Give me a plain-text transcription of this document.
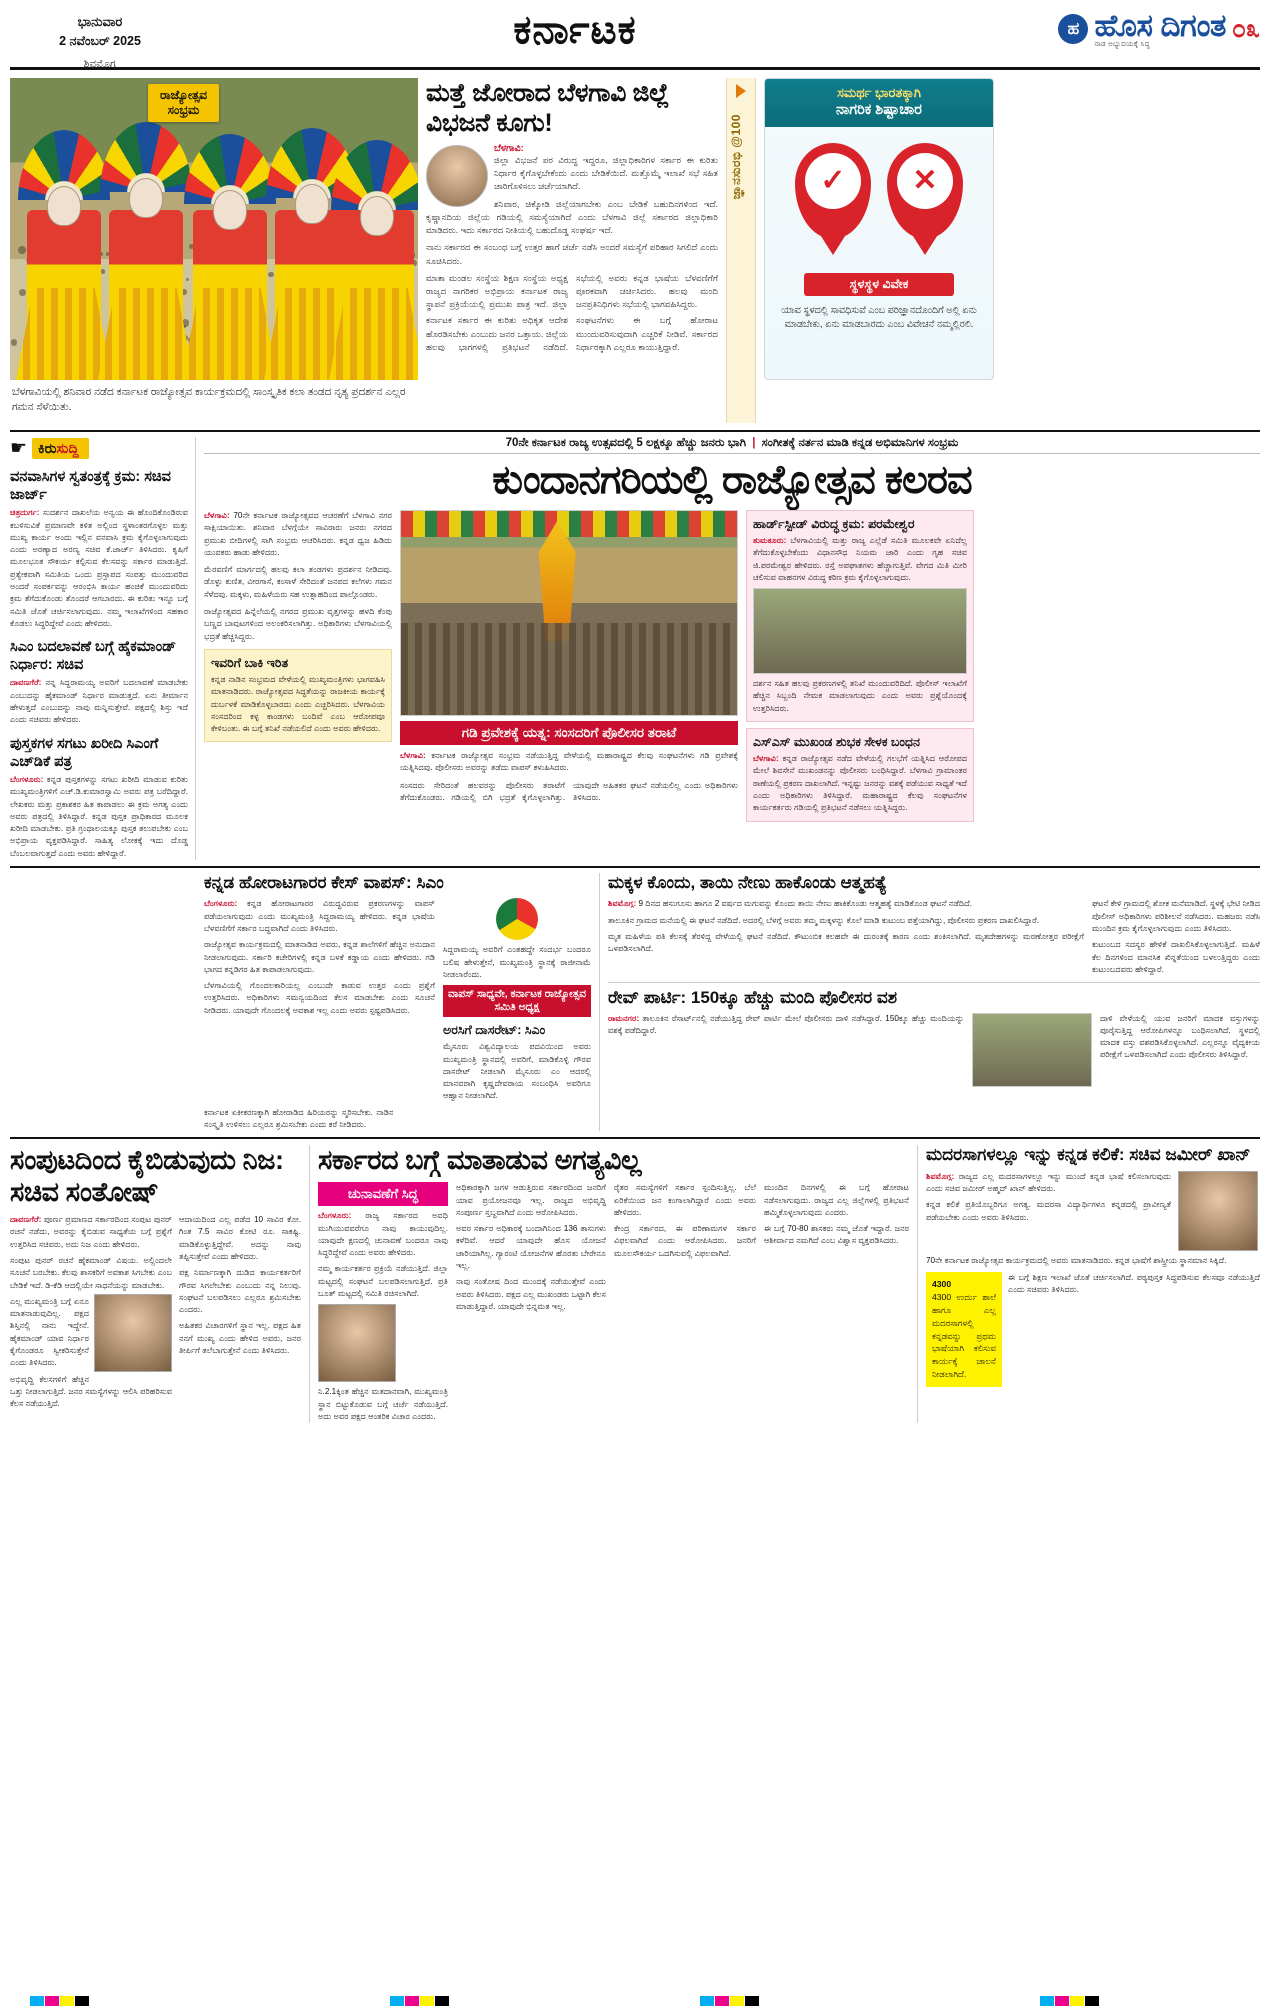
ಭಾನುವಾರ
2 ನವೆಂಬರ್ 2025
ಶಿವಮೊಗ್ಗ
ಕರ್ನಾಟಕ	ಹ ಹೊಸ ದಿಗಂತ
ನಾಡ ಅಭ್ಯುದಯಕ್ಕೆ ಸಿದ್ಧ
೦೩
ರಾಜ್ಯೋತ್ಸವ
ಸಂಭ್ರಮ
ಬೆಳಗಾವಿಯಲ್ಲಿ ಶನಿವಾರ ನಡೆದ ಕರ್ನಾಟಕ ರಾಜ್ಯೋತ್ಸವ ಕಾರ್ಯಕ್ರಮದಲ್ಲಿ ಸಾಂಸ್ಕೃತಿಕ ಕಲಾ ತಂಡದ ನೃತ್ಯ ಪ್ರದರ್ಶನ ಎಲ್ಲರ ಗಮನ ಸೆಳೆಯಿತು.
ಮತ್ತೆ ಜೋರಾದ ಬೆಳಗಾವಿ ಜಿಲ್ಲೆ ವಿಭಜನೆ ಕೂಗು!
ಬೆಳಗಾವಿ:
ಜಿಲ್ಲಾ ವಿಭಜನೆ ಪರ ವಿರುದ್ಧ ಇದ್ದರೂ, ಜಿಲ್ಲಾಧಿಕಾರಿಗಳ ಸರ್ಕಾರ ಈ ಕುರಿತು ನಿರ್ಧಾರ ಕೈಗೊಳ್ಳಬೇಕೆಂದು ಎಂದು ಬೇಡಿಕೆಯಿದೆ. ಮತ್ತೊಮ್ಮೆ ಇಲಾಖೆ ಸಭೆ ಸಹಿತ ಜಾರಿಗೊಳಿಸಲು ಚರ್ಚೆಯಾಗಿದೆ.
ಶನಿವಾರ, ಚಿಕ್ಕೋಡಿ ಜಿಲ್ಲೆಯಾಗಬೇಕು ಎಂಬ ಬೇಡಿಕೆ ಬಹುದಿನಗಳಿಂದ ಇದೆ. ಕೃಷ್ಣಾನದಿಯ ಜಿಲ್ಲೆಯ ಗಡಿಯಲ್ಲಿ ಸಮಸ್ಯೆಯಾಗಿದೆ ಎಂದು ಬೆಳಗಾವಿ ಜಿಲ್ಲೆ ಸರ್ಕಾರದ ಜಿಲ್ಲಾಧಿಕಾರಿ ಮಾಡಿದರು. ಇದು ಸರ್ಕಾರದ ನೀತಿಯಲ್ಲಿ ಬಹುದೊಡ್ಡ ಸಂಘರ್ಷ ಇದೆ.
ನಾನು ಸರ್ಕಾರದ ಈ ಸಂಬಂಧ ಬಗ್ಗೆ ಉತ್ತರ ಹಾಗೆ ಚರ್ಚೆ ನಡೆಸಿ ಅಂದರೆ ಸಮಸ್ಯೆಗೆ ಪರಿಹಾರ ಸಿಗಲಿದೆ ಎಂದು ಸೂಚಿಸಿದರು.
ಮಾತಾ ಮಂಡಲ ಸಂಸ್ಥೆಯ ಶಿಕ್ಷಣ ಸಂಸ್ಥೆಯ ಅಧ್ಯಕ್ಷ ರಾಜ್ಯದ ನಾಗರಿಕರ ಅಭಿಪ್ರಾಯ ಕರ್ನಾಟಕ ರಾಜ್ಯ ಸ್ಥಾಪನೆ ಪ್ರಕ್ರಿಯೆಯಲ್ಲಿ ಪ್ರಮುಖ ಪಾತ್ರ ಇದೆ. ಜಿಲ್ಲಾ ಸಭೆಯಲ್ಲಿ ಅವರು ಕನ್ನಡ ಭಾಷೆಯ ಬೆಳವಣಿಗೆಗೆ ಪೂರಕವಾಗಿ ಚರ್ಚಿಸಿದರು. ಹಲವು ಮಂದಿ ಜನಪ್ರತಿನಿಧಿಗಳು ಸಭೆಯಲ್ಲಿ ಭಾಗವಹಿಸಿದ್ದರು.
ಕರ್ನಾಟಕ ಸರ್ಕಾರ ಈ ಕುರಿತು ಅಧಿಕೃತ ಆದೇಶ ಹೊರಡಿಸಬೇಕು ಎಂಬುದು ಜನರ ಒತ್ತಾಯ. ಜಿಲ್ಲೆಯ ಹಲವು ಭಾಗಗಳಲ್ಲಿ ಪ್ರತಿಭಟನೆ ನಡೆದಿದೆ. ಸಂಘಟನೆಗಳು ಈ ಬಗ್ಗೆ ಹೋರಾಟ ಮುಂದುವರಿಸುವುದಾಗಿ ಎಚ್ಚರಿಕೆ ನೀಡಿವೆ. ಸರ್ಕಾರದ ನಿರ್ಧಾರಕ್ಕಾಗಿ ಎಲ್ಲರೂ ಕಾಯುತ್ತಿದ್ದಾರೆ.
ಜ್ಞಾನಸುರಭಿ @100
ಸಮರ್ಥ ಭಾರತಕ್ಕಾಗಿ
ನಾಗರಿಕ ಶಿಷ್ಟಾಚಾರ
✓	✕
ಸ್ಥಳಸ್ಥಳ ವಿವೇಕ
ಯಾವ ಸ್ಥಳದಲ್ಲಿ ಸಾವಧಿಸುವೆ ಎಂಬ ಪರಿಜ್ಞಾನದೊಂದಿಗೆ ಅಲ್ಲಿ ಏನು ಮಾಡಬೇಕು, ಏನು ಮಾಡಬಾರದು ಎಂಬ ವಿವೇಚನೆ ನಮ್ಮಲ್ಲಿರಲಿ.
☛ ಕಿರುಸುದ್ದಿ
ವನವಾಸಿಗಳ ಸ್ವತಂತ್ರಕ್ಕೆ ಕ್ರಮ: ಸಚಿವ ಜಾರ್ಜ್
ಚಿತ್ರದುರ್ಗ: ಸುದರ್ಶನ ದಾಖಲೆಯ ಅನ್ವಯ ಈ ಹೊಂದಿಕೊಂಡಿರುವ ಕಬಳಿಸುವಿಕೆ ಪ್ರಮಾಣವೇ ಕಳಿತ ಅಲ್ಲಿಂದ ಸ್ಥಳಾಂತರಗೊಳ್ಳಲ ಮತ್ತು ಮುಖ್ಯ ಕಾರ್ಯ ಅಂದು ಇಲ್ಲಿನ ವನವಾಸಿ ಕ್ರಮ ಕೈಗೊಳ್ಳಲಾಗುವುದು ಎಂದು ಅರಣ್ಯಾದ ಅರಣ್ಯ ಸಚಿವ ಕೆ.ಜಾರ್ಜ್ ತಿಳಿಸಿದರು. ಕೃಷಿಗೆ ಮೂಲಭೂತ ಸೌಕರ್ಯ ಕಲ್ಪಿಸುವ ಕೆಲಸವನ್ನು ಸರ್ಕಾರ ಮಾಡುತ್ತಿದೆ. ಪ್ರತ್ಯೇಕವಾಗಿ ಸಮಿತಿಯ ಒಂದು ಪ್ರಸ್ತಾಪದ ಸಂಪತ್ತು ಮುಂದುವರಿದ ಅಂದರೆ ಸಂಪರ್ಕವನ್ನು ಆರಂಭಿಸಿ ಕಾರ್ಯ ಹಂಚಿಕೆ ಮುಂದುವರಿದು ಕ್ರಮ ತೆಗೆದುಕೊಂಡು ತೊಂದರೆ ಆಗಬಾರದು. ಈ ಕುರಿತು ಇನ್ನೂ ಬಗ್ಗೆ ಸಮಿತಿ ಜೊತೆ ಚರ್ಚಿಸಲಾಗುವುದು. ನಮ್ಮ ಇಲಾಖೆಗಳಿಂದ ಸಹಕಾರ ಕೊಡಲು ಸಿದ್ಧರಿದ್ದೇವೆ ಎಂದು ಹೇಳಿದರು.
ಸಿಎಂ ಬದಲಾವಣೆ ಬಗ್ಗೆ ಹೈಕಮಾಂಡ್ ನಿರ್ಧಾರ: ಸಚಿವ
ದಾವಣಗೆರೆ: ನನ್ನ ಸಿದ್ದರಾಮಯ್ಯ ಅವರಿಗೆ ಬದಲಾವಣೆ ಮಾಡಬೇಕು ಎಂಬುದನ್ನು ಹೈಕಮಾಂಡ್ ನಿರ್ಧಾರ ಮಾಡುತ್ತದೆ. ಏನು ತೀರ್ಮಾನ ಹೇಳುತ್ತದೆ ಎಂಬುದನ್ನು ನಾವು ಮನ್ನಿಸುತ್ತೇವೆ. ಪಕ್ಷದಲ್ಲಿ ಶಿಸ್ತು ಇದೆ ಎಂದು ಸಚಿವರು ಹೇಳಿದರು.
ಪುಸ್ತಕಗಳ ಸಗಟು ಖರೀದಿ ಸಿಎಂಗೆ ಎಚ್‌ಡಿಕೆ ಪತ್ರ
ಬೆಂಗಳೂರು: ಕನ್ನಡ ಪುಸ್ತಕಗಳನ್ನು ಸಗಟು ಖರೀದಿ ಮಾಡುವ ಕುರಿತು ಮುಖ್ಯಮಂತ್ರಿಗಳಿಗೆ ಎಚ್.ಡಿ.ಕುಮಾರಸ್ವಾಮಿ ಅವರು ಪತ್ರ ಬರೆದಿದ್ದಾರೆ. ಲೇಖಕರು ಮತ್ತು ಪ್ರಕಾಶಕರ ಹಿತ ಕಾಪಾಡಲು ಈ ಕ್ರಮ ಅಗತ್ಯ ಎಂದು ಅವರು ಪತ್ರದಲ್ಲಿ ತಿಳಿಸಿದ್ದಾರೆ. ಕನ್ನಡ ಪುಸ್ತಕ ಪ್ರಾಧಿಕಾರದ ಮೂಲಕ ಖರೀದಿ ಮಾಡಬೇಕು. ಪ್ರತಿ ಗ್ರಂಥಾಲಯಕ್ಕೂ ಪುಸ್ತಕ ತಲುಪಬೇಕು ಎಂಬ ಅಭಿಪ್ರಾಯ ವ್ಯಕ್ತಪಡಿಸಿದ್ದಾರೆ. ಸಾಹಿತ್ಯ ಲೋಕಕ್ಕೆ ಇದು ದೊಡ್ಡ ಬೆಂಬಲವಾಗುತ್ತದೆ ಎಂದು ಅವರು ಹೇಳಿದ್ದಾರೆ.
70ನೇ ಕರ್ನಾಟಕ ರಾಜ್ಯ ಉತ್ಸವದಲ್ಲಿ 5 ಲಕ್ಷಕ್ಕೂ ಹೆಚ್ಚು ಜನರು ಭಾಗಿ | ಸಂಗೀತಕ್ಕೆ ನರ್ತನ ಮಾಡಿ ಕನ್ನಡ ಅಭಿಮಾನಿಗಳ ಸಂಭ್ರಮ
ಕುಂದಾನಗರಿಯಲ್ಲಿ ರಾಜ್ಯೋತ್ಸವ ಕಲರವ
ಬೆಳಗಾವಿ: 70ನೇ ಕರ್ನಾಟಕ ರಾಜ್ಯೋತ್ಸವದ ಆಚರಣೆಗೆ ಬೆಳಗಾವಿ ನಗರ ಸಾಕ್ಷಿಯಾಯಿತು. ಶನಿವಾರ ಬೆಳಗ್ಗೆಯೇ ಸಾವಿರಾರು ಜನರು ನಗರದ ಪ್ರಮುಖ ಬೀದಿಗಳಲ್ಲಿ ಸಾಗಿ ಸಂಭ್ರಮ ಆಚರಿಸಿದರು. ಕನ್ನಡ ಧ್ವಜ ಹಿಡಿದು ಯುವಕರು ಹಾಡು ಹೇಳಿದರು.
ಮೆರವಣಿಗೆ ಮಾರ್ಗದಲ್ಲಿ ಹಲವು ಕಲಾ ತಂಡಗಳು ಪ್ರದರ್ಶನ ನೀಡಿದವು. ಡೊಳ್ಳು ಕುಣಿತ, ವೀರಗಾಸೆ, ಕಂಸಾಳೆ ಸೇರಿದಂತೆ ಜನಪದ ಕಲೆಗಳು ಗಮನ ಸೆಳೆದವು. ಮಕ್ಕಳು, ಮಹಿಳೆಯರು ಸಹ ಉತ್ಸಾಹದಿಂದ ಪಾಲ್ಗೊಂಡರು.
ರಾಜ್ಯೋತ್ಸವದ ಹಿನ್ನೆಲೆಯಲ್ಲಿ ನಗರದ ಪ್ರಮುಖ ವೃತ್ತಗಳನ್ನು ಹಳದಿ ಕೆಂಪು ಬಣ್ಣದ ಬಾವುಟಗಳಿಂದ ಅಲಂಕರಿಸಲಾಗಿತ್ತು. ಅಧಿಕಾರಿಗಳು ಬೆಳಗಾವಿಯಲ್ಲಿ ಭದ್ರತೆ ಹೆಚ್ಚಿಸಿದ್ದರು.
ಇವರಿಗೆ ಬಾಕಿ ಇರಿತ
ಕನ್ನಡ ನಾಡಿನ ಸಂಭ್ರಮದ ವೇಳೆಯಲ್ಲಿ ಮುಖ್ಯಮಂತ್ರಿಗಳು ಭಾಗವಹಿಸಿ ಮಾತನಾಡಿದರು. ರಾಜ್ಯೋತ್ಸವದ ಸಿದ್ಧತೆಯನ್ನು ರಾಜಕೀಯ ಕಾರ್ಯಕ್ಕೆ ದುರ್ಬಳಕೆ ಮಾಡಿಕೊಳ್ಳಬಾರದು ಎಂದು ಎಚ್ಚರಿಸಿದರು. ಬೆಳಗಾವಿಯ ಸಂಸದರಿಂದ ಕಳ್ಳ ಕಾಂಡಗಳು ಬಂದಿವೆ ಎಂಬ ಆರೋಪವೂ ಕೇಳಿಬಂತು. ಈ ಬಗ್ಗೆ ತನಿಖೆ ನಡೆಯಲಿದೆ ಎಂದು ಅವರು ಹೇಳಿದರು.	ಗಡಿ ಪ್ರವೇಶಕ್ಕೆ ಯತ್ನ: ಸಂಸದರಿಗೆ ಪೊಲೀಸರ ತರಾಟೆ
ಬೆಳಗಾವಿ: ಕರ್ನಾಟಕ ರಾಜ್ಯೋತ್ಸವ ಸಂಭ್ರಮ ನಡೆಯುತ್ತಿದ್ದ ವೇಳೆಯಲ್ಲಿ ಮಹಾರಾಷ್ಟ್ರದ ಕೆಲವು ಸಂಘಟನೆಗಳು ಗಡಿ ಪ್ರವೇಶಕ್ಕೆ ಯತ್ನಿಸಿದವು. ಪೊಲೀಸರು ಅವರನ್ನು ತಡೆದು ವಾಪಸ್ ಕಳುಹಿಸಿದರು.
ಸಂಸದರು ಸೇರಿದಂತೆ ಹಲವರನ್ನು ಪೊಲೀಸರು ತರಾಟೆಗೆ ತೆಗೆದುಕೊಂಡರು. ಗಡಿಯಲ್ಲಿ ಬಿಗಿ ಭದ್ರತೆ ಕೈಗೊಳ್ಳಲಾಗಿತ್ತು. ಯಾವುದೇ ಅಹಿತಕರ ಘಟನೆ ನಡೆಯಲಿಲ್ಲ ಎಂದು ಅಧಿಕಾರಿಗಳು ತಿಳಿಸಿದರು.
ಹಾರ್ಡ್‌ಸ್ಪೀಡ್ ವಿರುದ್ಧ ಕ್ರಮ: ಪರಮೇಶ್ವರ
ತುಮಕೂರು: ಬೆಳಗಾವಿಯಲ್ಲಿ ಮತ್ತು ರಾಜ್ಯ ಎಲ್ಲೆಡೆ ಸಮಿತಿ ಮೂಲಕವೇ ಏನಿದೆಲ್ಲ ತೆಗೆದುಕೊಳ್ಳಬೇಕೆಂದು ವಿಧಾನಸೌಧ ನಿಯಮ ಜಾರಿ ಎಂದು ಗೃಹ ಸಚಿವ ಜಿ.ಪರಮೇಶ್ವರ ಹೇಳಿದರು. ರಸ್ತೆ ಅಪಘಾತಗಳು ಹೆಚ್ಚಾಗುತ್ತಿವೆ. ವೇಗದ ಮಿತಿ ಮೀರಿ ಚಲಿಸುವ ವಾಹನಗಳ ವಿರುದ್ಧ ಕಠಿಣ ಕ್ರಮ ಕೈಗೊಳ್ಳಲಾಗುವುದು.
ದರ್ಶನ ಸಹಿತ ಹಲವು ಪ್ರಕರಣಗಳಲ್ಲಿ ತನಿಖೆ ಮುಂದುವರಿದಿದೆ. ಪೊಲೀಸ್ ಇಲಾಖೆಗೆ ಹೆಚ್ಚಿನ ಸಿಬ್ಬಂದಿ ನೇಮಕ ಮಾಡಲಾಗುವುದು ಎಂದು ಅವರು ಪ್ರಶ್ನೆಯೊಂದಕ್ಕೆ ಉತ್ತರಿಸಿದರು.
ಎಸ್‌ಎಸ್ ಮುಖಂಡ ಶುಭಕ ಸೇಳಕ ಬಂಧನ
ಬೆಳಗಾವಿ: ಕನ್ನಡ ರಾಜ್ಯೋತ್ಸವ ನಡೆದ ವೇಳೆಯಲ್ಲಿ ಗಲಭೆಗೆ ಯತ್ನಿಸಿದ ಆರೋಪದ ಮೇಲೆ ಶಿವಸೇನೆ ಮುಖಂಡನನ್ನು ಪೊಲೀಸರು ಬಂಧಿಸಿದ್ದಾರೆ. ಬೆಳಗಾವಿ ಗ್ರಾಮಾಂತರ ಠಾಣೆಯಲ್ಲಿ ಪ್ರಕರಣ ದಾಖಲಾಗಿದೆ. ಇನ್ನಷ್ಟು ಜನರನ್ನು ವಶಕ್ಕೆ ಪಡೆಯುವ ಸಾಧ್ಯತೆ ಇದೆ ಎಂದು ಅಧಿಕಾರಿಗಳು ತಿಳಿಸಿದ್ದಾರೆ. ಮಹಾರಾಷ್ಟ್ರದ ಕೆಲವು ಸಂಘಟನೆಗಳ ಕಾರ್ಯಕರ್ತರು ಗಡಿಯಲ್ಲಿ ಪ್ರತಿಭಟನೆ ನಡೆಸಲು ಯತ್ನಿಸಿದ್ದರು.
ಕನ್ನಡ ಹೋರಾಟಗಾರರ ಕೇಸ್ ವಾಪಸ್: ಸಿಎಂ
ಬೆಂಗಳೂರು: ಕನ್ನಡ ಹೋರಾಟಗಾರರ ವಿರುದ್ಧವಿರುವ ಪ್ರಕರಣಗಳನ್ನು ವಾಪಸ್ ಪಡೆಯಲಾಗುವುದು ಎಂದು ಮುಖ್ಯಮಂತ್ರಿ ಸಿದ್ದರಾಮಯ್ಯ ಹೇಳಿದರು. ಕನ್ನಡ ಭಾಷೆಯ ಬೆಳವಣಿಗೆಗೆ ಸರ್ಕಾರ ಬದ್ಧವಾಗಿದೆ ಎಂದು ತಿಳಿಸಿದರು.
ರಾಜ್ಯೋತ್ಸವ ಕಾರ್ಯಕ್ರಮದಲ್ಲಿ ಮಾತನಾಡಿದ ಅವರು, ಕನ್ನಡ ಶಾಲೆಗಳಿಗೆ ಹೆಚ್ಚಿನ ಅನುದಾನ ನೀಡಲಾಗುವುದು. ಸರ್ಕಾರಿ ಕಚೇರಿಗಳಲ್ಲಿ ಕನ್ನಡ ಬಳಕೆ ಕಡ್ಡಾಯ ಎಂದು ಹೇಳಿದರು. ಗಡಿ ಭಾಗದ ಕನ್ನಡಿಗರ ಹಿತ ಕಾಪಾಡಲಾಗುವುದು.
ಬೆಳಗಾವಿಯಲ್ಲಿ ಗೊಂದಲಕಾರಿಯಲ್ಲ ಎಂಬುದೇ ಕಾಡುವ ಉತ್ತರ ಎಂದು ಪ್ರಶ್ನೆಗೆ ಉತ್ತರಿಸಿದರು. ಅಧಿಕಾರಿಗಳು ಸಮನ್ವಯದಿಂದ ಕೆಲಸ ಮಾಡಬೇಕು ಎಂದು ಸೂಚನೆ ನೀಡಿದರು. ಯಾವುದೇ ಗೊಂದಲಕ್ಕೆ ಅವಕಾಶ ಇಲ್ಲ ಎಂದು ಅವರು ಸ್ಪಷ್ಟಪಡಿಸಿದರು.
ಸಿದ್ದರಾಮಯ್ಯ ಅವರಿಗೆ ಎಂತಹದ್ದೇ ಸಂದರ್ಭ ಬಂದರೂ ಬಲಿಷ ಹೇಳುತ್ತೇನೆ, ಮುಖ್ಯಮಂತ್ರಿ ಸ್ಥಾನಕ್ಕೆ ರಾಜೀನಾಮೆ ನೀಡಲಾರೆಂದು.
ವಾಪಸ್ ಸಾಧ್ಯವೇ, ಕರ್ನಾಟಕ ರಾಜ್ಯೋತ್ಸವ ಸಮಿತಿ ಅಧ್ಯಕ್ಷ
ಅರಸಿಗೆ ದಾಸರೇಟ್: ಸಿಎಂ
ಮೈಸೂರು ವಿಶ್ವವಿದ್ಯಾಲಯ ಪದವಿಯಿಂದ ಅವರು ಮುಖ್ಯಮಂತ್ರಿ ಸ್ಥಾನದಲ್ಲಿ ಅವರಿಗೆ, ಮಾಡಿಕೊಳ್ಳಿ ಗೌರವ ದಾಸರೇಟ್ ನೀಡಲಾಗಿ ಮೈಸೂರು ಎಂ ಆದರಲ್ಲಿ ಮಾನವರಾಗಿ ಕೃಷ್ಣದೇವರಾಯ ಸಂಬಂಧಿಸಿ ಅವರಿಗೂ ಆಹ್ವಾನ ನೀಡಲಾಗಿದೆ.
ಕರ್ನಾಟಕ ಏಕೀಕರಣಕ್ಕಾಗಿ ಹೋರಾಡಿದ ಹಿರಿಯರನ್ನು ಸ್ಮರಿಸಬೇಕು. ನಾಡಿನ ಸಂಸ್ಕೃತಿ ಉಳಿಸಲು ಎಲ್ಲರೂ ಶ್ರಮಿಸಬೇಕು ಎಂದು ಕರೆ ನೀಡಿದರು.
ಮಕ್ಕಳ ಕೊಂದು, ತಾಯಿ ನೇಣು ಹಾಕೊಂಡು ಆತ್ಮಹತ್ಯೆ
ಶಿವಮೊಗ್ಗ: 9 ದಿನದ ಹಸುಗೂಸು ಹಾಗೂ 2 ವರ್ಷದ ಮಗುವನ್ನು ಕೊಂದು ತಾಯಿ ನೇಣು ಹಾಕಿಕೊಂಡು ಆತ್ಮಹತ್ಯೆ ಮಾಡಿಕೊಂಡ ಘಟನೆ ನಡೆದಿದೆ.
ತಾಲೂಕಿನ ಗ್ರಾಮದ ಮನೆಯಲ್ಲಿ ಈ ಘಟನೆ ನಡೆದಿದೆ. ಅದರಲ್ಲಿ ಬೆಳಗ್ಗೆ ಅವರು ತಮ್ಮ ಮಕ್ಕಳನ್ನು ಕೊಲೆ ಮಾಡಿ ಕುಟುಂಬ ಪತ್ತೆಯಾಗಿದ್ದು, ಪೊಲೀಸರು ಪ್ರಕರಣ ದಾಖಲಿಸಿದ್ದಾರೆ.
ಮೃತ ಮಹಿಳೆಯ ಪತಿ ಕೆಲಸಕ್ಕೆ ತೆರಳಿದ್ದ ವೇಳೆಯಲ್ಲಿ ಘಟನೆ ನಡೆದಿದೆ. ಕೌಟುಂಬಿಕ ಕಲಹವೇ ಈ ದುರಂತಕ್ಕೆ ಕಾರಣ ಎಂದು ಶಂಕಿಸಲಾಗಿದೆ. ಮೃತದೇಹಗಳನ್ನು ಮರಣೋತ್ತರ ಪರೀಕ್ಷೆಗೆ ಒಳಪಡಿಸಲಾಗಿದೆ.
ಘಟನೆ ಕೇಳಿ ಗ್ರಾಮದಲ್ಲಿ ಶೋಕ ಮನೆಮಾಡಿದೆ. ಸ್ಥಳಕ್ಕೆ ಭೇಟಿ ನೀಡಿದ ಪೊಲೀಸ್ ಅಧಿಕಾರಿಗಳು ಪರಿಶೀಲನೆ ನಡೆಸಿದರು. ಮಹಜರು ನಡೆಸಿ ಮುಂದಿನ ಕ್ರಮ ಕೈಗೊಳ್ಳಲಾಗುವುದು ಎಂದು ತಿಳಿಸಿದರು.
ಕುಟುಂಬದ ಸದಸ್ಯರ ಹೇಳಿಕೆ ದಾಖಲಿಸಿಕೊಳ್ಳಲಾಗುತ್ತಿದೆ. ಮಹಿಳೆ ಕೆಲ ದಿನಗಳಿಂದ ಮಾನಸಿಕ ಖಿನ್ನತೆಯಿಂದ ಬಳಲುತ್ತಿದ್ದರು ಎಂದು ಕುಟುಂಬದವರು ಹೇಳಿದ್ದಾರೆ.
ರೇವ್ ಪಾರ್ಟಿ: 150ಕ್ಕೂ ಹೆಚ್ಚು ಮಂದಿ ಪೊಲೀಸರ ವಶ
ರಾಮನಗರ: ತಾಲೂಕಿನ ರೆಸಾರ್ಟ್‌ನಲ್ಲಿ ನಡೆಯುತ್ತಿದ್ದ ರೇವ್ ಪಾರ್ಟಿ ಮೇಲೆ ಪೊಲೀಸರು ದಾಳಿ ನಡೆಸಿದ್ದಾರೆ. 150ಕ್ಕೂ ಹೆಚ್ಚು ಮಂದಿಯನ್ನು ವಶಕ್ಕೆ ಪಡೆದಿದ್ದಾರೆ.
ದಾಳಿ ವೇಳೆಯಲ್ಲಿ ಯುವ ಜನರಿಗೆ ಮಾದಕ ವಸ್ತುಗಳನ್ನು ಪೂರೈಸುತ್ತಿದ್ದ ಆರೋಪಿಗಳನ್ನೂ ಬಂಧಿಸಲಾಗಿದೆ. ಸ್ಥಳದಲ್ಲಿ ಮಾದಕ ವಸ್ತು ವಶಪಡಿಸಿಕೊಳ್ಳಲಾಗಿದೆ. ಎಲ್ಲರನ್ನೂ ವೈದ್ಯಕೀಯ ಪರೀಕ್ಷೆಗೆ ಒಳಪಡಿಸಲಾಗಿದೆ ಎಂದು ಪೊಲೀಸರು ತಿಳಿಸಿದ್ದಾರೆ.
ಸಂಪುಟದಿಂದ ಕೈಬಿಡುವುದು ನಿಜ: ಸಚಿವ ಸಂತೋಷ್
ದಾವಣಗೆರೆ: ಪೂರ್ಣ ಪ್ರಮಾಣದ ಸರ್ಕಾರದಿಂದ ಸಂಪುಟ ಪುನರ್ ರಚನೆ ನಡೆದು, ಅವರನ್ನು ಕೈಬಿಡುವ ಸಾಧ್ಯತೆಯ ಬಗ್ಗೆ ಪ್ರಶ್ನೆಗೆ ಉತ್ತರಿಸಿದ ಸಚಿವರು, ಅದು ನಿಜ ಎಂದು ಹೇಳಿದರು.
ಸಂಪುಟ ಪುನರ್ ರಚನೆ ಹೈಕಮಾಂಡ್ ವಿಷಯ. ಅಲ್ಲಿಂದಲೇ ಸೂಚನೆ ಬರಬೇಕು. ಕೆಲವು ಶಾಸಕರಿಗೆ ಅವಕಾಶ ಸಿಗಬೇಕು ಎಂಬ ಬೇಡಿಕೆ ಇದೆ. ಡಿ-ಕೆಡಿ ಆದಲ್ಲಿಯೇ ಸಾಧನೆಯನ್ನು ಮಾಡಬೇಕು.
ಎಲ್ಲ ಮುಖ್ಯಮಂತ್ರಿ ಬಗ್ಗೆ ಏನೂ ಮಾತನಾಡುವುದಿಲ್ಲ. ಪಕ್ಷದ ಶಿಸ್ತಿನಲ್ಲಿ ನಾನು ಇದ್ದೇನೆ. ಹೈಕಮಾಂಡ್ ಯಾವ ನಿರ್ಧಾರ ಕೈಗೊಂಡರೂ ಸ್ವೀಕರಿಸುತ್ತೇನೆ ಎಂದು ತಿಳಿಸಿದರು.
ಅಭಿವೃದ್ಧಿ ಕೆಲಸಗಳಿಗೆ ಹೆಚ್ಚಿನ ಒತ್ತು ನೀಡಲಾಗುತ್ತಿದೆ. ಜನರ ಸಮಸ್ಯೆಗಳನ್ನು ಆಲಿಸಿ ಪರಿಹರಿಸುವ ಕೆಲಸ ನಡೆಯುತ್ತಿದೆ.
ಆದಾಯದಿಂದ ಎಲ್ಲ ಪಡೆದ 10 ಸಾವಿರ ಕೋ. ಗಿಂತ 7.5 ಸಾವಿರ ಕೋಟಿ ರೂ. ಸಾಕಷ್ಟಿ. ಮಾಡಿಕೊಳ್ಳುತ್ತಿದ್ದೇವೆ. ಅದನ್ನು ನಾವು ತಪ್ಪಿಸುತ್ತೇವೆ ಎಂದು ಹೇಳಿದರು.
ಪಕ್ಷ ನಿರ್ಮಾಣಕ್ಕಾಗಿ ದುಡಿದ ಕಾರ್ಯಕರ್ತರಿಗೆ ಗೌರವ ಸಿಗಲೇಬೇಕು ಎಂಬುದು ನನ್ನ ನಿಲುವು. ಸಂಘಟನೆ ಬಲಪಡಿಸಲು ಎಲ್ಲರೂ ಶ್ರಮಿಸಬೇಕು ಎಂದರು.
ಅಹಿತಕರ ವಿಚಾರಗಳಿಗೆ ಸ್ಥಾನ ಇಲ್ಲ. ಪಕ್ಷದ ಹಿತ ನನಗೆ ಮುಖ್ಯ ಎಂದು ಹೇಳಿದ ಅವರು, ಜನರ ತೀರ್ಪಿಗೆ ತಲೆಬಾಗುತ್ತೇನೆ ಎಂದು ತಿಳಿಸಿದರು.
ಸರ್ಕಾರದ ಬಗ್ಗೆ ಮಾತಾಡುವ ಅಗತ್ಯವಿಲ್ಲ
ಚುನಾವಣೆಗೆ ಸಿದ್ಧ
ಬೆಂಗಳೂರು: ರಾಜ್ಯ ಸರ್ಕಾರದ ಅವಧಿ ಮುಗಿಯುವವರೆಗೂ ನಾವು ಕಾಯುವುದಿಲ್ಲ. ಯಾವುದೇ ಕ್ಷಣದಲ್ಲಿ ಚುನಾವಣೆ ಬಂದರೂ ನಾವು ಸಿದ್ಧರಿದ್ದೇವೆ ಎಂದು ಅವರು ಹೇಳಿದರು.
ನಮ್ಮ ಕಾರ್ಯಕರ್ತರ ಪ್ರಕ್ರಿಯೆ ನಡೆಯುತ್ತಿದೆ. ಜಿಲ್ಲಾ ಮಟ್ಟದಲ್ಲಿ ಸಂಘಟನೆ ಬಲಪಡಿಸಲಾಗುತ್ತಿದೆ. ಪ್ರತಿ ಬೂತ್ ಮಟ್ಟದಲ್ಲಿ ಸಮಿತಿ ರಚಿಸಲಾಗಿದೆ.
ನಿ.2.1ಕ್ಕಿಂತ ಹೆಚ್ಚಿನ ಮತದಾನವಾಗಿ, ಮುಖ್ಯಮಂತ್ರಿ ಸ್ಥಾನ ಬಿಟ್ಟುಕೊಡುವ ಬಗ್ಗೆ ಚರ್ಚೆ ನಡೆಯುತ್ತಿದೆ. ಅದು ಅವರ ಪಕ್ಷದ ಆಂತರಿಕ ವಿಚಾರ ಎಂದರು.
ಅಧಿಕಾರಕ್ಕಾಗಿ ಜಗಳ ಆಡುತ್ತಿರುವ ಸರ್ಕಾರದಿಂದ ಜನರಿಗೆ ಯಾವ ಪ್ರಯೋಜನವೂ ಇಲ್ಲ. ರಾಜ್ಯದ ಅಭಿವೃದ್ಧಿ ಸಂಪೂರ್ಣ ಸ್ತಬ್ಧವಾಗಿದೆ ಎಂದು ಆರೋಪಿಸಿದರು.
ಅವರ ಸರ್ಕಾರ ಅಧಿಕಾರಕ್ಕೆ ಬಂದಾಗಿನಿಂದ 136 ತಾಸುಗಳು ಕಳೆದಿವೆ. ಆದರೆ ಯಾವುದೇ ಹೊಸ ಯೋಜನೆ ಜಾರಿಯಾಗಿಲ್ಲ. ಗ್ಯಾರಂಟಿ ಯೋಜನೆಗಳ ಹೊರತು ಬೇರೇನೂ ಇಲ್ಲ.
ನಾವು ಸಂತೋಷ ದಿಂದ ಮುಂದಕ್ಕೆ ನಡೆಯುತ್ತೇವೆ ಎಂದು ಅವರು ತಿಳಿಸಿದರು. ಪಕ್ಷದ ಎಲ್ಲ ಮುಖಂಡರು ಒಟ್ಟಾಗಿ ಕೆಲಸ ಮಾಡುತ್ತಿದ್ದಾರೆ. ಯಾವುದೇ ಭಿನ್ನಮತ ಇಲ್ಲ.
ರೈತರ ಸಮಸ್ಯೆಗಳಿಗೆ ಸರ್ಕಾರ ಸ್ಪಂದಿಸುತ್ತಿಲ್ಲ. ಬೆಲೆ ಏರಿಕೆಯಿಂದ ಜನ ಕಂಗಾಲಾಗಿದ್ದಾರೆ ಎಂದು ಅವರು ಹೇಳಿದರು.
ಕೇಂದ್ರ ಸರ್ಕಾರದ, ಈ ಪರಿಣಾಮಗಳ ಸರ್ಕಾರ ವಿಫಲವಾಗಿದೆ ಎಂದು ಆರೋಪಿಸಿದರು. ಜನರಿಗೆ ಮೂಲಸೌಕರ್ಯ ಒದಗಿಸುವಲ್ಲಿ ವಿಫಲವಾಗಿದೆ.
ಮುಂದಿನ ದಿನಗಳಲ್ಲಿ ಈ ಬಗ್ಗೆ ಹೋರಾಟ ನಡೆಸಲಾಗುವುದು. ರಾಜ್ಯದ ಎಲ್ಲ ಜಿಲ್ಲೆಗಳಲ್ಲಿ ಪ್ರತಿಭಟನೆ ಹಮ್ಮಿಕೊಳ್ಳಲಾಗುವುದು ಎಂದರು.
ಈ ಬಗ್ಗೆ 70-80 ಶಾಸಕರು ನಮ್ಮ ಜೊತೆ ಇದ್ದಾರೆ. ಜನರ ಆಶೀರ್ವಾದ ನಮಗಿದೆ ಎಂಬ ವಿಶ್ವಾಸ ವ್ಯಕ್ತಪಡಿಸಿದರು.
ಮದರಸಾಗಳಲ್ಲೂ ಇನ್ನು ಕನ್ನಡ ಕಲಿಕೆ: ಸಚಿವ ಜಮೀರ್ ಖಾನ್
ಶಿವಮೊಗ್ಗ: ರಾಜ್ಯದ ಎಲ್ಲ ಮದರಸಾಗಳಲ್ಲೂ ಇನ್ನು ಮುಂದೆ ಕನ್ನಡ ಭಾಷೆ ಕಲಿಸಲಾಗುವುದು ಎಂದು ಸಚಿವ ಜಮೀರ್ ಅಹ್ಮದ್ ಖಾನ್ ಹೇಳಿದರು.
ಕನ್ನಡ ಕಲಿಕೆ ಪ್ರತಿಯೊಬ್ಬರಿಗೂ ಅಗತ್ಯ. ಮದರಸಾ ವಿದ್ಯಾರ್ಥಿಗಳೂ ಕನ್ನಡದಲ್ಲಿ ಪ್ರಾವೀಣ್ಯತೆ ಪಡೆಯಬೇಕು ಎಂದು ಅವರು ತಿಳಿಸಿದರು.
70ನೇ ಕರ್ನಾಟಕ ರಾಜ್ಯೋತ್ಸವ ಕಾರ್ಯಕ್ರಮದಲ್ಲಿ ಅವರು ಮಾತನಾಡಿದರು. ಕನ್ನಡ ಭಾಷೆಗೆ ಶಾಸ್ತ್ರೀಯ ಸ್ಥಾನಮಾನ ಸಿಕ್ಕಿದೆ.
4300
4300 ಉರ್ದು ಶಾಲೆ ಹಾಗೂ ಎಲ್ಲ ಮದರಸಾಗಳಲ್ಲಿ ಕನ್ನಡವನ್ನು ಪ್ರಥಮ ಭಾಷೆಯಾಗಿ ಕಲಿಸುವ ಕಾರ್ಯಕ್ಕೆ ಚಾಲನೆ ನೀಡಲಾಗಿದೆ.
ಈ ಬಗ್ಗೆ ಶಿಕ್ಷಣ ಇಲಾಖೆ ಜೊತೆ ಚರ್ಚಿಸಲಾಗಿದೆ. ಪಠ್ಯಪುಸ್ತಕ ಸಿದ್ಧಪಡಿಸುವ ಕೆಲಸವೂ ನಡೆಯುತ್ತಿದೆ ಎಂದು ಸಚಿವರು ತಿಳಿಸಿದರು.
